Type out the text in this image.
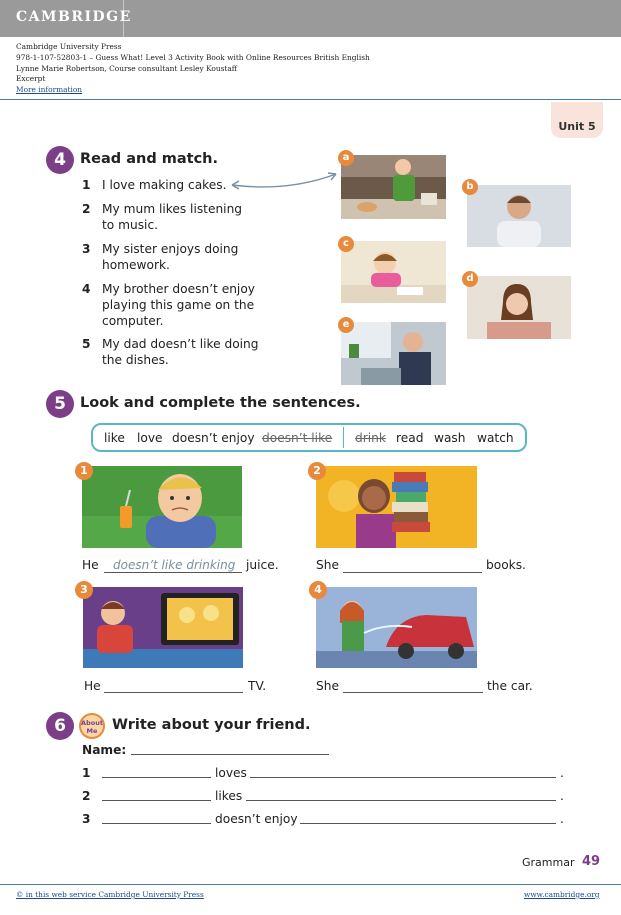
CAMBRIDGE
Cambridge University Press
978-1-107-52803-1 – Guess What! Level 3 Activity Book with Online Resources British English
Lynne Marie Robertson, Course consultant Lesley Koustaff
Excerpt
More information
Unit 5
4 Read and match.
1 I love making cakes.
2 My mum likes listening
to music.
3 My sister enjoys doing
homework.
4 My brother doesn’t enjoy
playing this game on the
computer.
5 My dad doesn’t like doing
the dishes.
a
b
c
d
e
5 Look and complete the sentences.
like love doesn’t enjoy doesn’t like drink read wash watch
1	2
He doesn’t like drinking juice.	She	books.
3	4
He	TV.	She	the car.
6	About Me	Write about your friend.
Name:
1	loves	.
2	likes	.
3	doesn’t enjoy	.
Grammar 49
© in this web service Cambridge University Press	www.cambridge.org
